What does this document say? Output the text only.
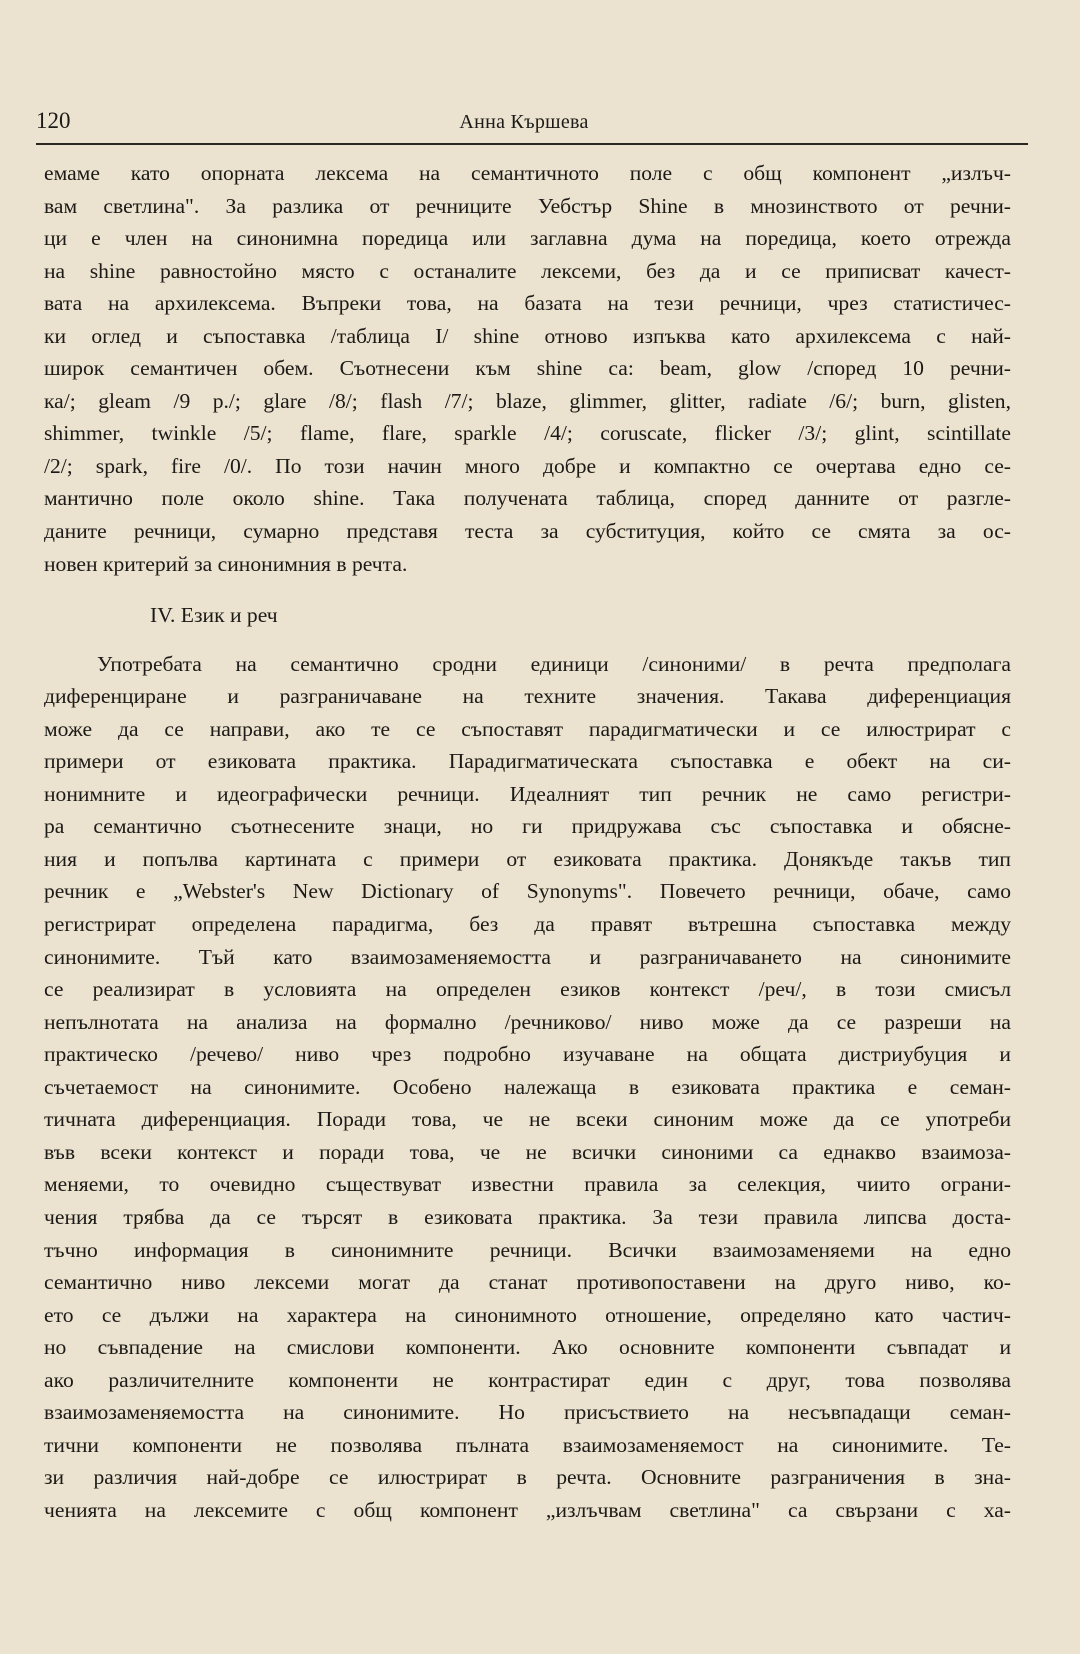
120	Анна Кършева
емаме като опорната лексема на семантичното поле с общ компонент „излъч-
вам светлина". За разлика от речниците Уебстър Shine в мнозинството от речни-
ци е член на синонимна поредица или заглавна дума на поредица, което отрежда
на shine равностойно място с останалите лексеми, без да и се приписват качест-
вата на архилексема. Въпреки това, на базата на тези речници, чрез статистичес-
ки оглед и съпоставка /таблица I/ shine отново изпъква като архилексема с най-
широк семантичен обем. Съотнесени към shine са: beam, glow /според 10 речни-
ка/; gleam /9 р./; glare /8/; flash /7/; blaze, glimmer, glitter, radiate /6/; burn, glisten,
shimmer, twinkle /5/; flame, flare, sparkle /4/; coruscate, flicker /3/; glint, scintillate
/2/; spark, fire /0/. По този начин много добре и компактно се очертава едно се-
мантично поле около shine. Така получената таблица, според данните от разгле-
даните речници, сумарно представя теста за субституция, който се смята за ос-
новен критерий за синонимния в речта.
IV. Език и реч
Употребата на семантично сродни единици /синоними/ в речта предполага
диференциране и разграничаване на техните значения. Такава диференциация
може да се направи, ако те се съпоставят парадигматически и се илюстрират с
примери от езиковата практика. Парадигматическата съпоставка е обект на си-
нонимните и идеографически речници. Идеалният тип речник не само регистри-
ра семантично съотнесените знаци, но ги придружава със съпоставка и обясне-
ния и попълва картината с примери от езиковата практика. Донякъде такъв тип
речник е „Webster's New Dictionary of Synonyms". Повечето речници, обаче, само
регистрират определена парадигма, без да правят вътрешна съпоставка между
синонимите. Тъй като взаимозаменяемостта и разграничаването на синонимите
се реализират в условията на определен езиков контекст /реч/, в този смисъл
непълнотата на анализа на формално /речниково/ ниво може да се разреши на
практическо /речево/ ниво чрез подробно изучаване на общата дистриубуция и
съчетаемост на синонимите. Особено належаща в езиковата практика е семан-
тичната диференциация. Поради това, че не всеки синоним може да се употреби
във всеки контекст и поради това, че не всички синоними са еднакво взаимоза-
меняеми, то очевидно съществуват известни правила за селекция, чиито ограни-
чения трябва да се търсят в езиковата практика. За тези правила липсва доста-
тъчно информация в синонимните речници. Всички взаимозаменяеми на едно
семантично ниво лексеми могат да станат противопоставени на друго ниво, ко-
ето се дължи на характера на синонимното отношение, определяно като частич-
но съвпадение на смислови компоненти. Ако основните компоненти съвпадат и
ако различителните компоненти не контрастират един с друг, това позволява
взаимозаменяемостта на синонимите. Но присъствието на несъвпадащи семан-
тични компоненти не позволява пълната взаимозаменяемост на синонимите. Те-
зи различия най-добре се илюстрират в речта. Основните разграничения в зна-
ченията на лексемите с общ компонент „излъчвам светлина" са свързани с ха-
